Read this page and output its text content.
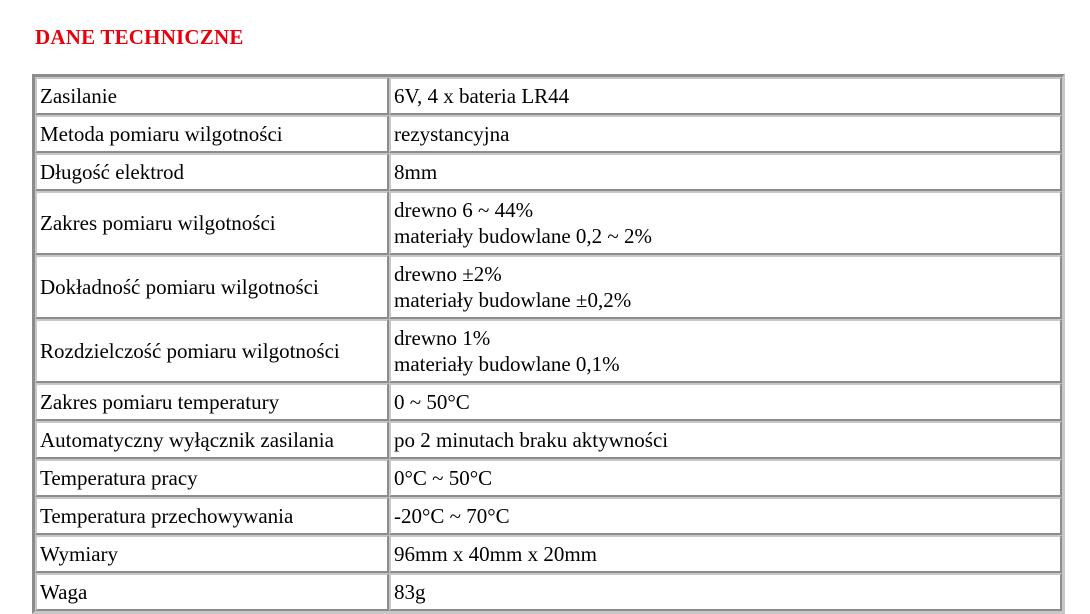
DANE TECHNICZNE
Zasilanie	6V, 4 x bateria LR44

Metoda pomiaru wilgotności	rezystancyjna

Długość elektrod	8mm

Zakres pomiaru wilgotności	drewno 6 ~ 44%
materiały budowlane 0,2 ~ 2%

Dokładność pomiaru wilgotności	drewno ±2%
materiały budowlane ±0,2%

Rozdzielczość pomiaru wilgotności	drewno 1%
materiały budowlane 0,1%

Zakres pomiaru temperatury	0 ~ 50°C

Automatyczny wyłącznik zasilania	po 2 minutach braku aktywności

Temperatura pracy	0°C ~ 50°C

Temperatura przechowywania	-20°C ~ 70°C

Wymiary	96mm x 40mm x 20mm

Waga	83g
